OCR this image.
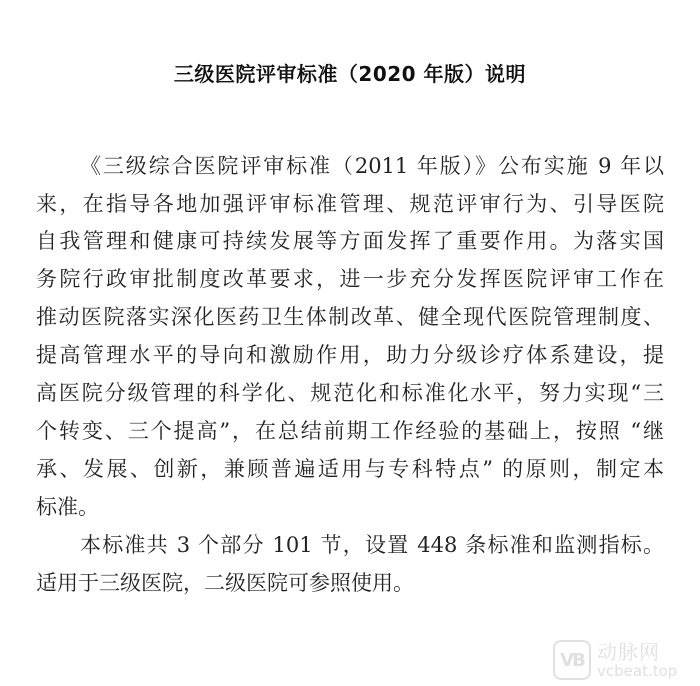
三级医院评审标准（2020 年版）说明
《三级综合医院评审标准（2011 年版）》公布实施 9 年以
来，在指导各地加强评审标准管理、规范评审行为、引导医院
自我管理和健康可持续发展等方面发挥了重要作用。为落实国
务院行政审批制度改革要求，进一步充分发挥医院评审工作在
推动医院落实深化医药卫生体制改革、健全现代医院管理制度、
提高管理水平的导向和激励作用，助力分级诊疗体系建设，提
高医院分级管理的科学化、规范化和标准化水平，努力实现“三
个转变、三个提高”，在总结前期工作经验的基础上，按照 “继
承、发展、创新，兼顾普遍适用与专科特点” 的原则，制定本
标准。
本标准共 3 个部分 101 节，设置 448 条标准和监测指标。
适用于三级医院，二级医院可参照使用。
VB 动脉网
vcbeat.top
